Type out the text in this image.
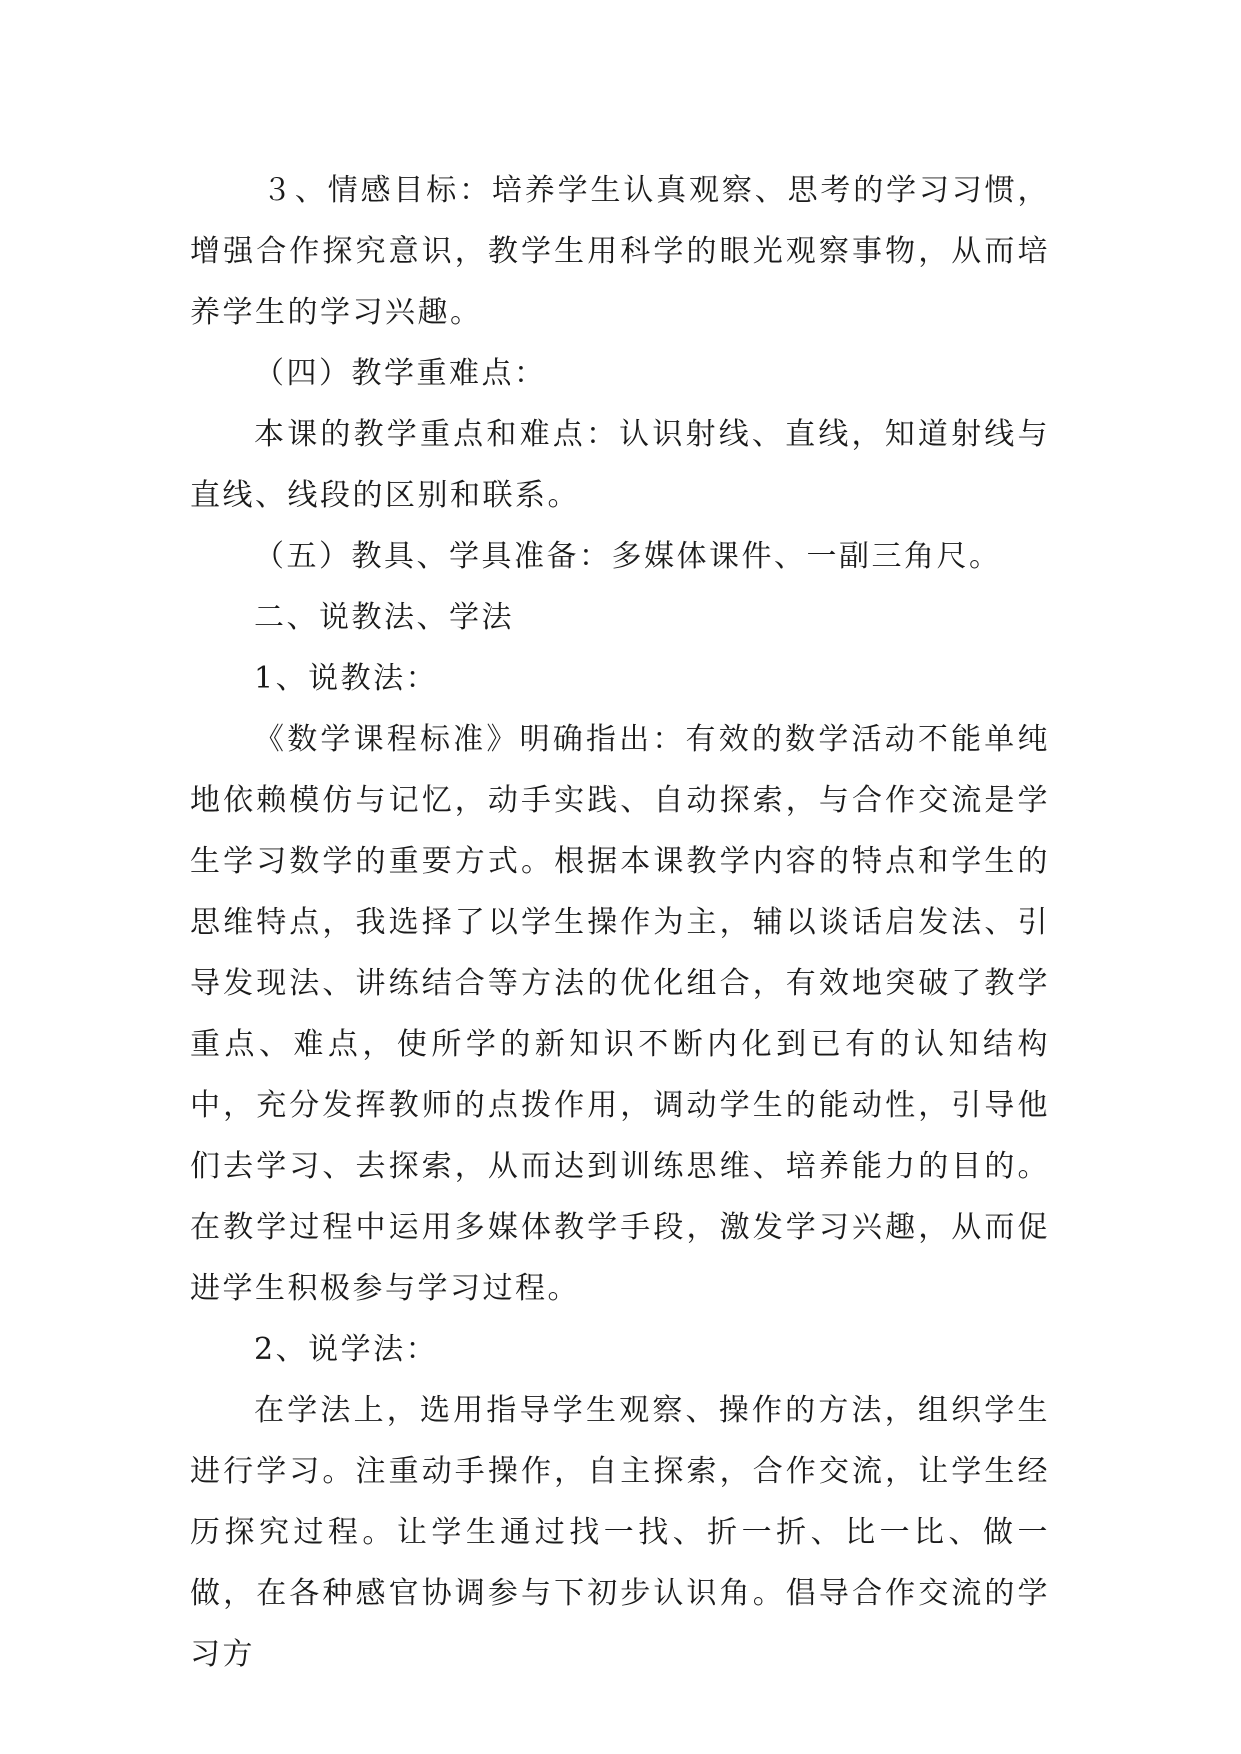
３、情感目标：培养学生认真观察、思考的学习习惯，增强合作探究意识，教学生用科学的眼光观察事物，从而培养学生的学习兴趣。

（四）教学重难点：

本课的教学重点和难点：认识射线、直线，知道射线与直线、线段的区别和联系。

（五）教具、学具准备：多媒体课件、一副三角尺。

二、说教法、学法

1、说教法：

《数学课程标准》明确指出：有效的数学活动不能单纯地依赖模仿与记忆，动手实践、自动探索，与合作交流是学生学习数学的重要方式。根据本课教学内容的特点和学生的思维特点，我选择了以学生操作为主，辅以谈话启发法、引导发现法、讲练结合等方法的优化组合，有效地突破了教学重点、难点，使所学的新知识不断内化到已有的认知结构中，充分发挥教师的点拨作用，调动学生的能动性，引导他们去学习、去探索，从而达到训练思维、培养能力的目的。在教学过程中运用多媒体教学手段，激发学习兴趣，从而促进学生积极参与学习过程。

2、说学法：

在学法上，选用指导学生观察、操作的方法，组织学生进行学习。注重动手操作，自主探索，合作交流，让学生经历探究过程。让学生通过找一找、折一折、比一比、做一做，在各种感官协调参与下初步认识角。倡导合作交流的学习方
